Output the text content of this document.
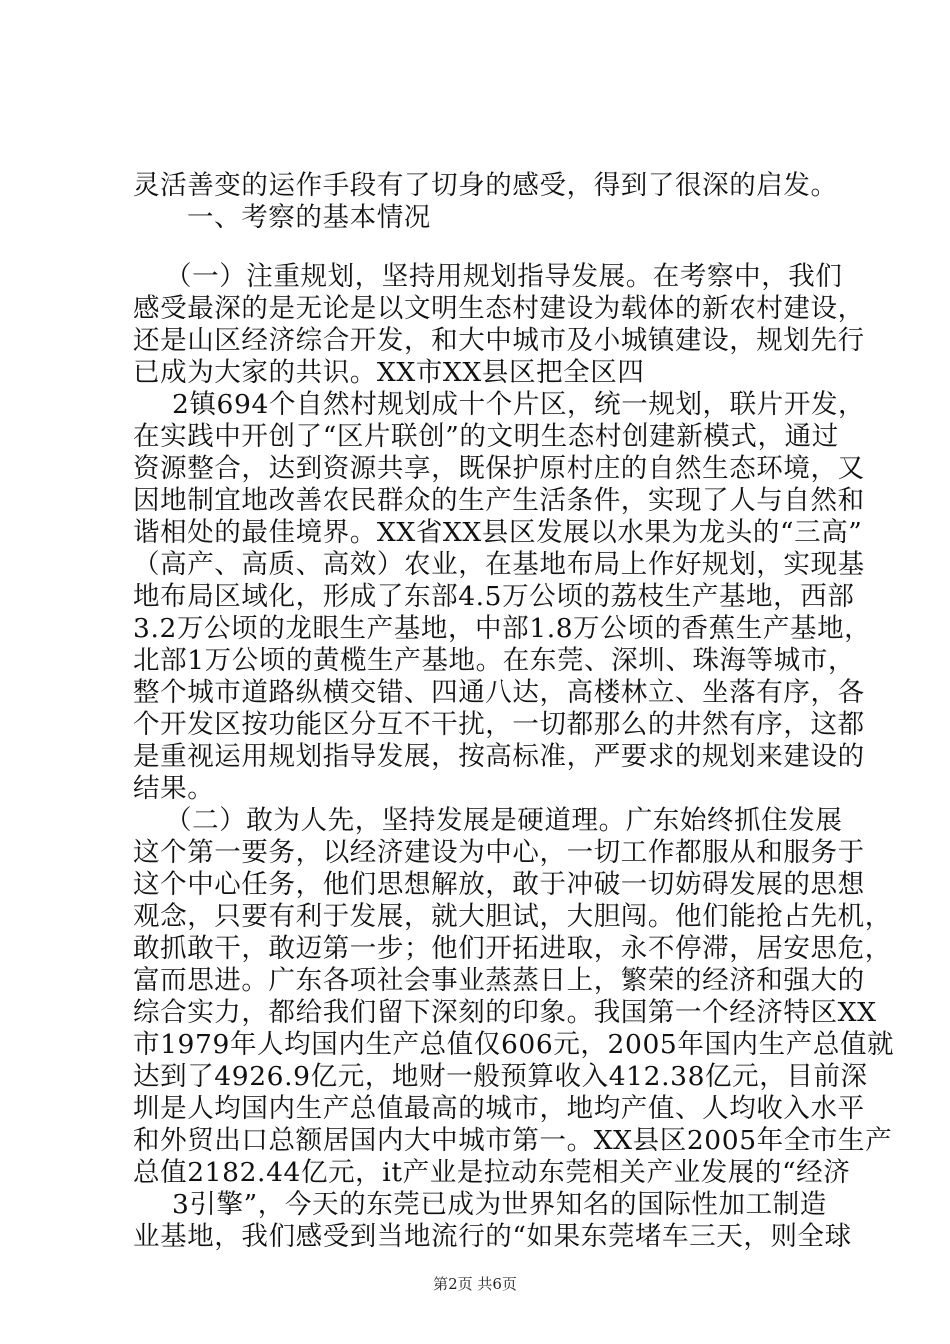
灵活善变的运作手段有了切身的感受，得到了很深的启发。
一、考察的基本情况
（一）注重规划，坚持用规划指导发展。在考察中，我们
感受最深的是无论是以文明生态村建设为载体的新农村建设，
还是山区经济综合开发，和大中城市及小城镇建设，规划先行
已成为大家的共识。XX市XX县区把全区四
2镇694个自然村规划成十个片区，统一规划，联片开发，
在实践中开创了“区片联创”的文明生态村创建新模式，通过
资源整合，达到资源共享，既保护原村庄的自然生态环境，又
因地制宜地改善农民群众的生产生活条件，实现了人与自然和
谐相处的最佳境界。XX省XX县区发展以水果为龙头的“三高”
（高产、高质、高效）农业，在基地布局上作好规划，实现基
地布局区域化，形成了东部4.5万公顷的荔枝生产基地，西部
3.2万公顷的龙眼生产基地，中部1.8万公顷的香蕉生产基地，
北部1万公顷的黄榄生产基地。在东莞、深圳、珠海等城市，
整个城市道路纵横交错、四通八达，高楼林立、坐落有序，各
个开发区按功能区分互不干扰，一切都那么的井然有序，这都
是重视运用规划指导发展，按高标准，严要求的规划来建设的
结果。
（二）敢为人先，坚持发展是硬道理。广东始终抓住发展
这个第一要务，以经济建设为中心，一切工作都服从和服务于
这个中心任务，他们思想解放，敢于冲破一切妨碍发展的思想
观念，只要有利于发展，就大胆试，大胆闯。他们能抢占先机，
敢抓敢干，敢迈第一步；他们开拓进取，永不停滞，居安思危，
富而思进。广东各项社会事业蒸蒸日上，繁荣的经济和强大的
综合实力，都给我们留下深刻的印象。我国第一个经济特区XX
市1979年人均国内生产总值仅606元，2005年国内生产总值就
达到了4926.9亿元，地财一般预算收入412.38亿元，目前深
圳是人均国内生产总值最高的城市，地均产值、人均收入水平
和外贸出口总额居国内大中城市第一。XX县区2005年全市生产
总值2182.44亿元，it产业是拉动东莞相关产业发展的“经济
3引擎”，今天的东莞已成为世界知名的国际性加工制造
业基地，我们感受到当地流行的“如果东莞堵车三天，则全球
第2页 共6页
